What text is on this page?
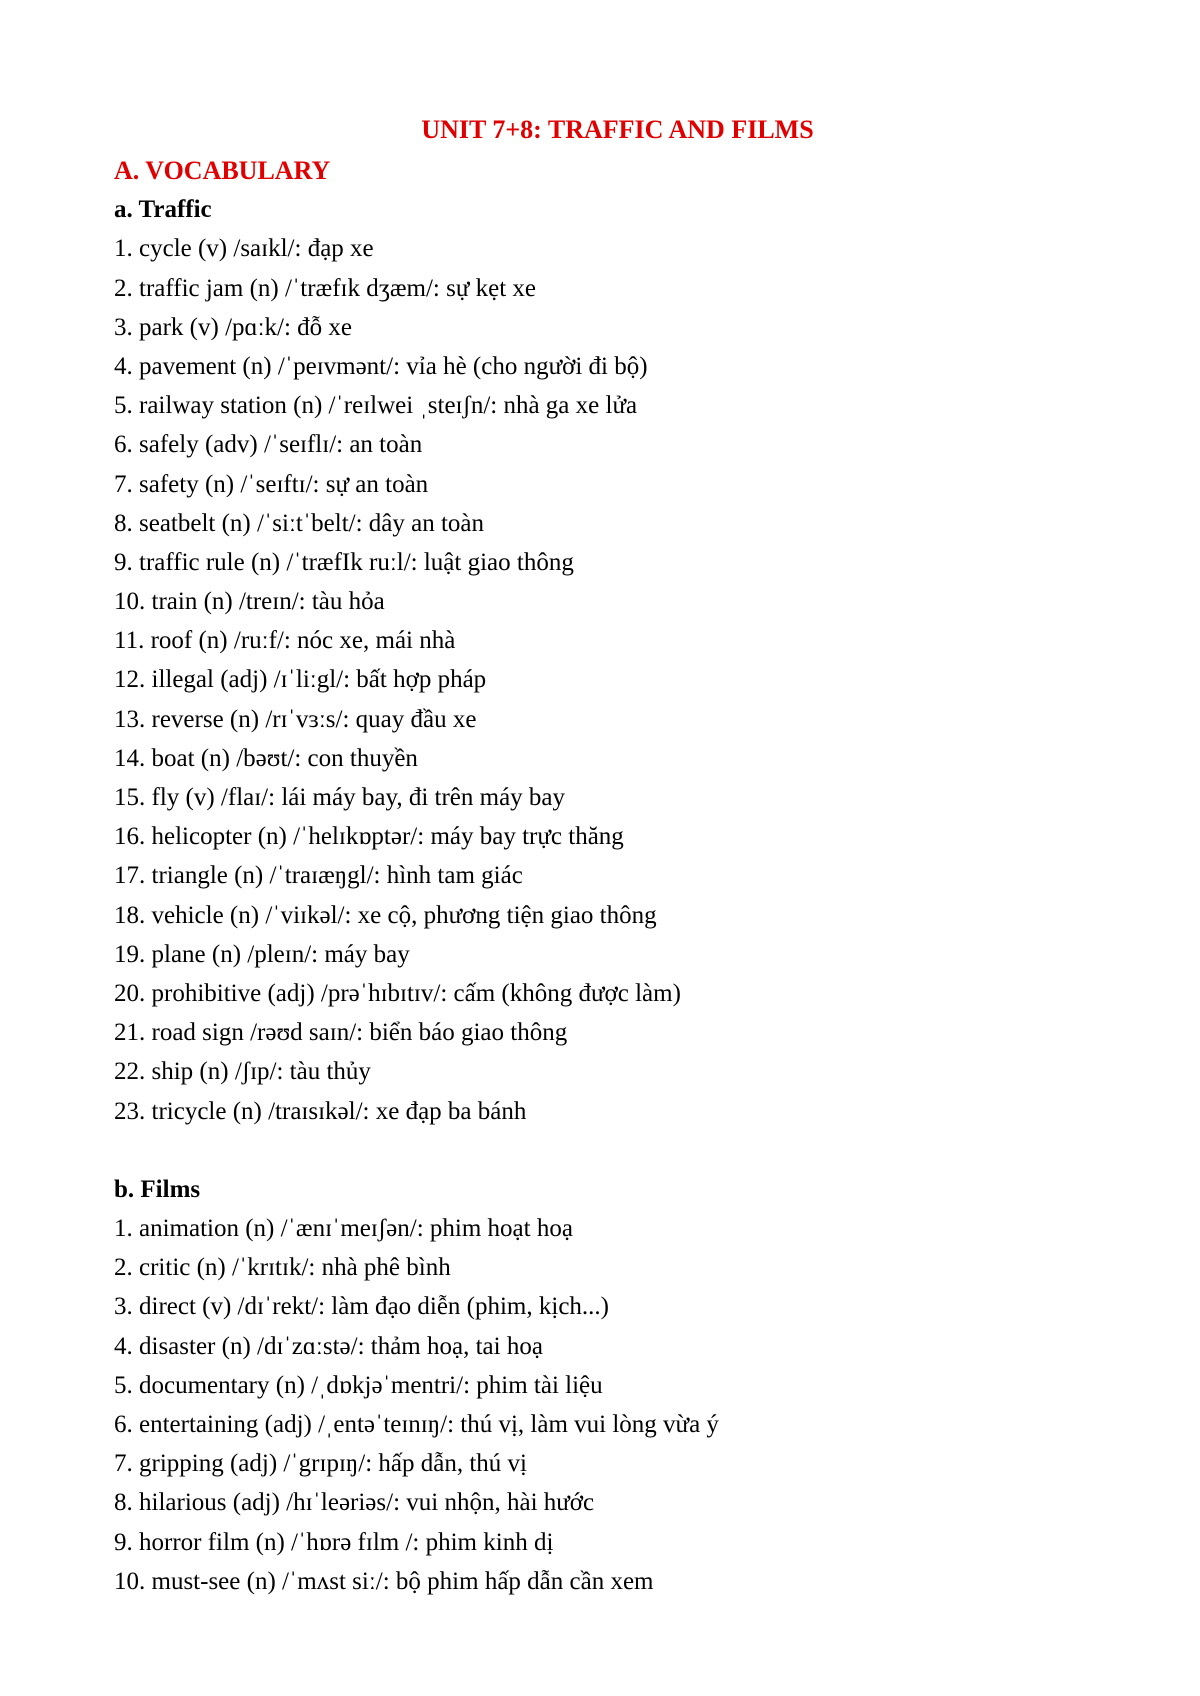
UNIT 7+8: TRAFFIC AND FILMS
A. VOCABULARY
a. Traffic
1. cycle (v) /saɪkl/: đạp xe
2. traffic jam (n) /ˈtræfɪk dʒæm/: sự kẹt xe
3. park (v) /pɑːk/: đỗ xe
4. pavement (n) /ˈpeɪvmənt/: vỉa hè (cho người đi bộ)
5. railway station (n) /ˈreɪlwei ˌsteɪʃn/: nhà ga xe lửa
6. safely (adv) /ˈseɪflɪ/: an toàn
7. safety (n) /ˈseɪftɪ/: sự an toàn
8. seatbelt (n) /ˈsiːtˈbelt/: dây an toàn
9. traffic rule (n) /ˈtræfIk ruːl/: luật giao thông
10. train (n) /treɪn/: tàu hỏa
11. roof (n) /ruːf/: nóc xe, mái nhà
12. illegal (adj) /ɪˈliːgl/: bất hợp pháp
13. reverse (n) /rɪˈvɜːs/: quay đầu xe
14. boat (n) /bəʊt/: con thuyền
15. fly (v) /flaɪ/: lái máy bay, đi trên máy bay
16. helicopter (n) /ˈhelɪkɒptər/: máy bay trực thăng
17. triangle (n) /ˈtraɪæŋgl/: hình tam giác
18. vehicle (n) /ˈviɪkəl/: xe cộ, phương tiện giao thông
19. plane (n) /pleɪn/: máy bay
20. prohibitive (adj) /prəˈhɪbɪtɪv/: cấm (không được làm)
21. road sign /rəʊd saɪn/: biển báo giao thông
22. ship (n) /ʃɪp/: tàu thủy
23. tricycle (n) /traɪsɪkəl/: xe đạp ba bánh
b. Films
1. animation (n) /ˈænɪˈmeɪʃən/: phim hoạt hoạ
2. critic (n) /ˈkrɪtɪk/: nhà phê bình
3. direct (v) /dɪˈrekt/: làm đạo diễn (phim, kịch...)
4. disaster (n) /dɪˈzɑːstə/: thảm hoạ, tai hoạ
5. documentary (n) /ˌdɒkjəˈmentri/: phim tài liệu
6. entertaining (adj) /ˌentəˈteɪnɪŋ/: thú vị, làm vui lòng vừa ý
7. gripping (adj) /ˈgrɪpɪŋ/: hấp dẫn, thú vị
8. hilarious (adj) /hɪˈleəriəs/: vui nhộn, hài hước
9. horror film (n) /ˈhɒrə fɪlm /: phim kinh dị
10. must-see (n) /ˈmʌst siː/: bộ phim hấp dẫn cần xem
